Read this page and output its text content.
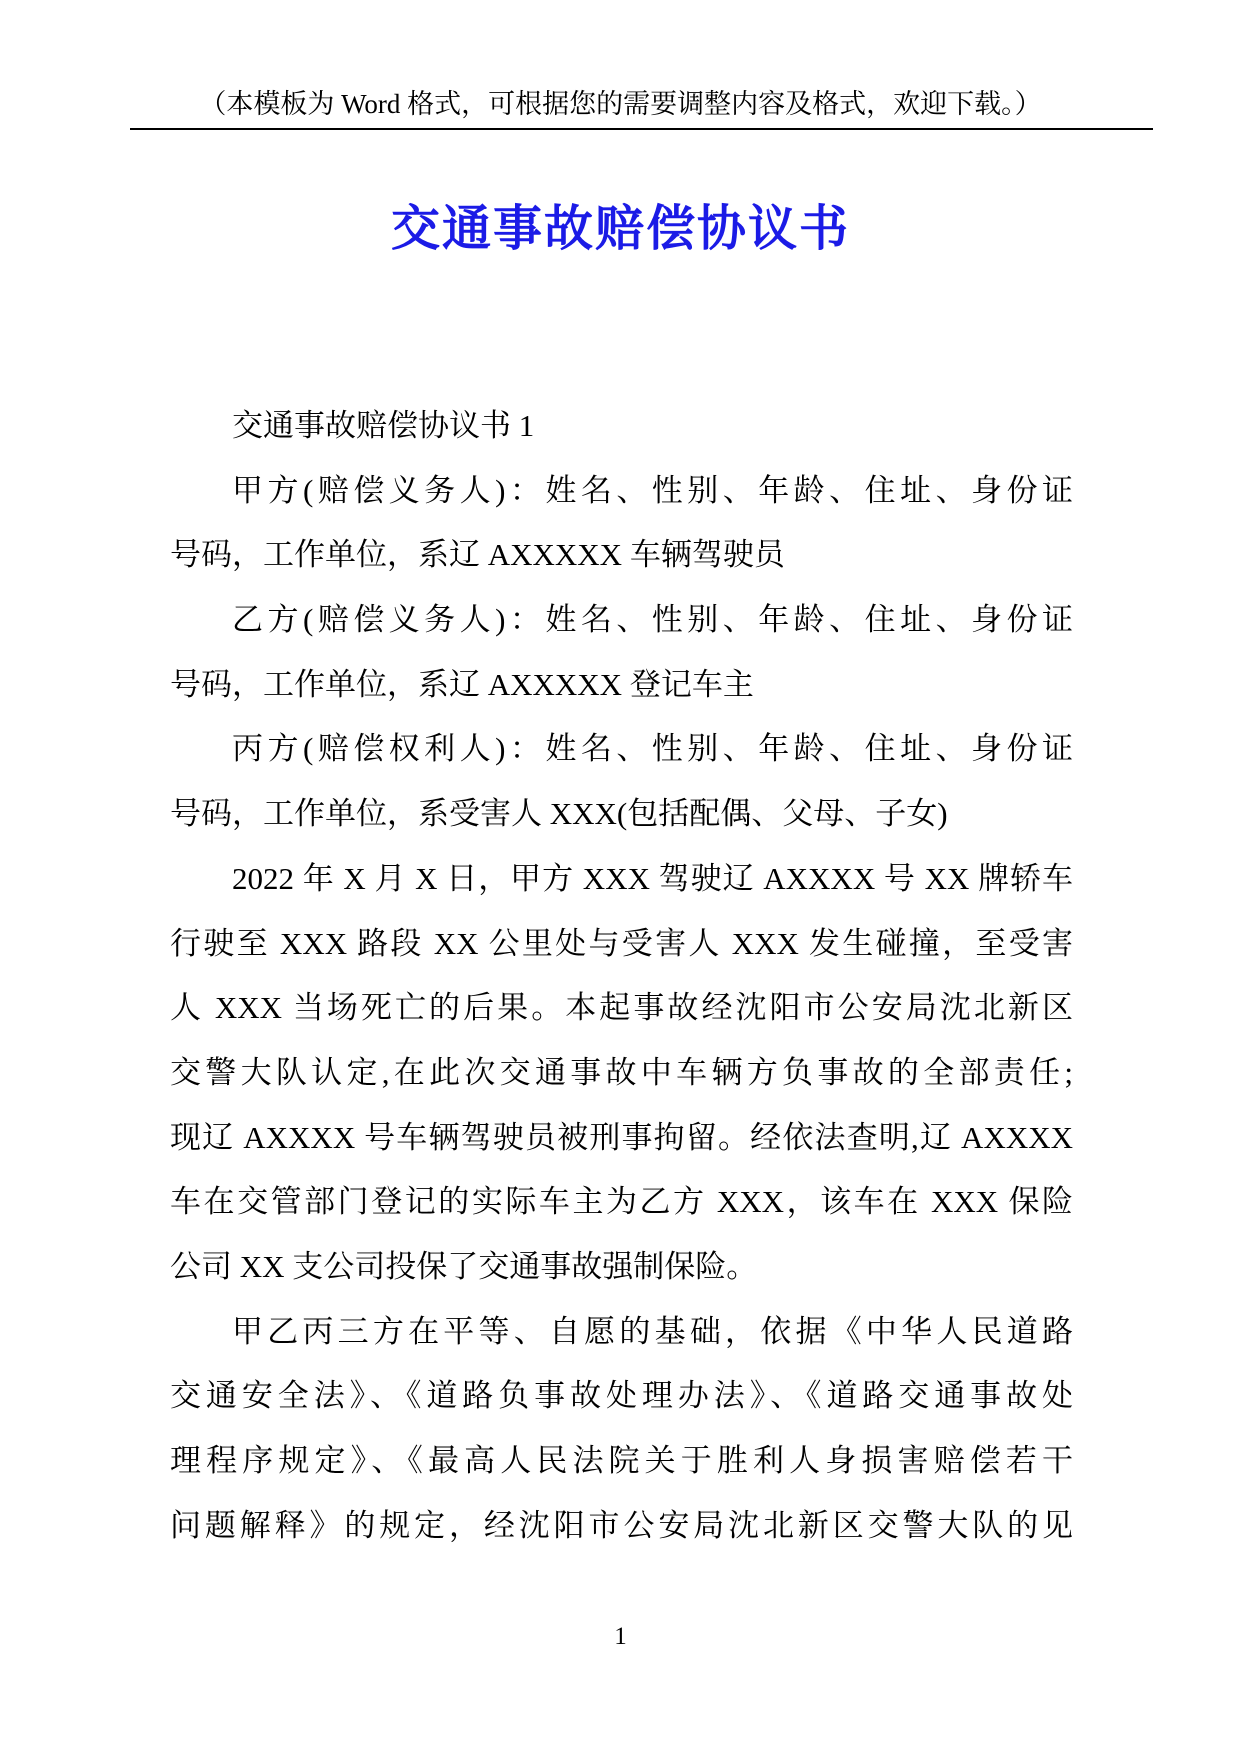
（本模板为 Word 格式，可根据您的需要调整内容及格式，欢迎下载。）
交通事故赔偿协议书
交通事故赔偿协议书 1
甲方(赔偿义务人)：姓名、性别、年龄、住址、身份证
号码，工作单位，系辽 AXXXXX 车辆驾驶员
乙方(赔偿义务人)：姓名、性别、年龄、住址、身份证
号码，工作单位，系辽 AXXXXX 登记车主
丙方(赔偿权利人)：姓名、性别、年龄、住址、身份证
号码，工作单位，系受害人 XXX(包括配偶、父母、子女)
2022 年 X 月 X 日，甲方 XXX 驾驶辽 AXXXX 号 XX 牌轿车
行驶至 XXX 路段 XX 公里处与受害人 XXX 发生碰撞，至受害
人 XXX 当场死亡的后果。本起事故经沈阳市公安局沈北新区
交警大队认定,在此次交通事故中车辆方负事故的全部责任;
现辽 AXXXX 号车辆驾驶员被刑事拘留。经依法查明,辽 AXXXX
车在交管部门登记的实际车主为乙方 XXX，该车在 XXX 保险
公司 XX 支公司投保了交通事故强制保险。
甲乙丙三方在平等、自愿的基础，依据《中华人民道路
交通安全法》、《道路负事故处理办法》、《道路交通事故处
理程序规定》、《最高人民法院关于胜利人身损害赔偿若干
问题解释》的规定，经沈阳市公安局沈北新区交警大队的见
1
